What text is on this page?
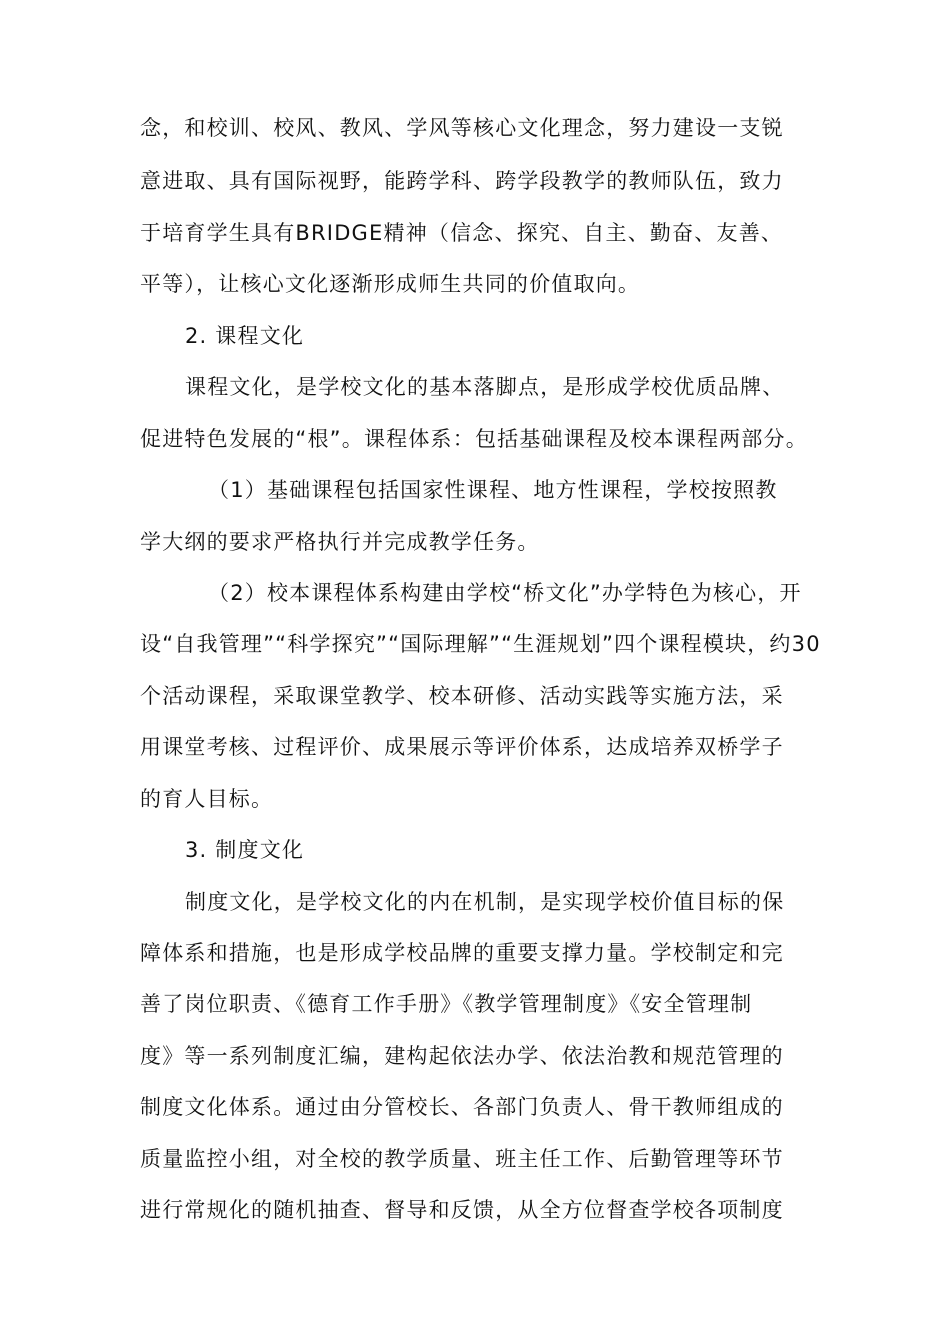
念，和校训、校风、教风、学风等核心文化理念，努力建设一支锐
意进取、具有国际视野，能跨学科、跨学段教学的教师队伍，致力
于培育学生具有BRIDGE精神（信念、探究、自主、勤奋、友善、
平等），让核心文化逐渐形成师生共同的价值取向。
2. 课程文化
课程文化，是学校文化的基本落脚点，是形成学校优质品牌、
促进特色发展的“根”。课程体系：包括基础课程及校本课程两部分。
（1）基础课程包括国家性课程、地方性课程，学校按照教
学大纲的要求严格执行并完成教学任务。
（2）校本课程体系构建由学校“桥文化”办学特色为核心，开
设“自我管理”“科学探究”“国际理解”“生涯规划”四个课程模块，约30
个活动课程，采取课堂教学、校本研修、活动实践等实施方法，采
用课堂考核、过程评价、成果展示等评价体系，达成培养双桥学子
的育人目标。
3. 制度文化
制度文化，是学校文化的内在机制，是实现学校价值目标的保
障体系和措施，也是形成学校品牌的重要支撑力量。学校制定和完
善了岗位职责、《德育工作手册》《教学管理制度》《安全管理制
度》等一系列制度汇编，建构起依法办学、依法治教和规范管理的
制度文化体系。通过由分管校长、各部门负责人、骨干教师组成的
质量监控小组，对全校的教学质量、班主任工作、后勤管理等环节
进行常规化的随机抽查、督导和反馈，从全方位督查学校各项制度
